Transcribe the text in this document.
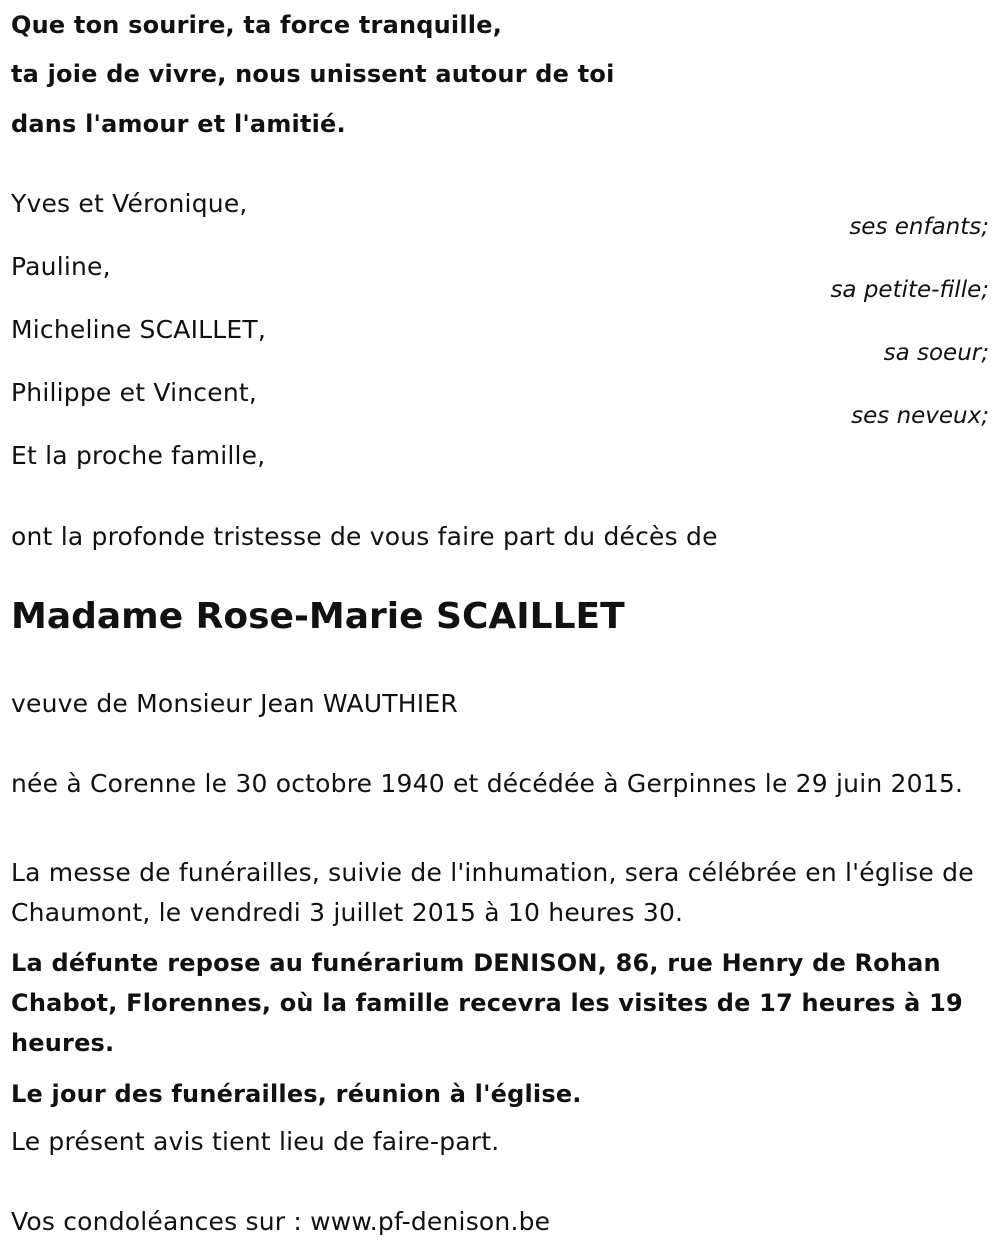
Que ton sourire, ta force tranquille,

ta joie de vivre, nous unissent autour de toi

dans l'amour et l'amitié.

Yves et Véronique,

ses enfants;

Pauline,

sa petite-fille;

Micheline SCAILLET,

sa soeur;

Philippe et Vincent,

ses neveux;

Et la proche famille,

ont la profonde tristesse de vous faire part du décès de

Madame Rose-Marie SCAILLET

veuve de Monsieur Jean WAUTHIER

née à Corenne le 30 octobre 1940 et décédée à Gerpinnes le 29 juin 2015.

La messe de funérailles, suivie de l'inhumation, sera célébrée en l'église de Chaumont, le vendredi 3 juillet 2015 à 10 heures 30.

La défunte repose au funérarium DENISON, 86, rue Henry de Rohan Chabot, Florennes, où la famille recevra les visites de 17 heures à 19 heures.

Le jour des funérailles, réunion à l'église.

Le présent avis tient lieu de faire-part.

Vos condoléances sur : www.pf-denison.be
